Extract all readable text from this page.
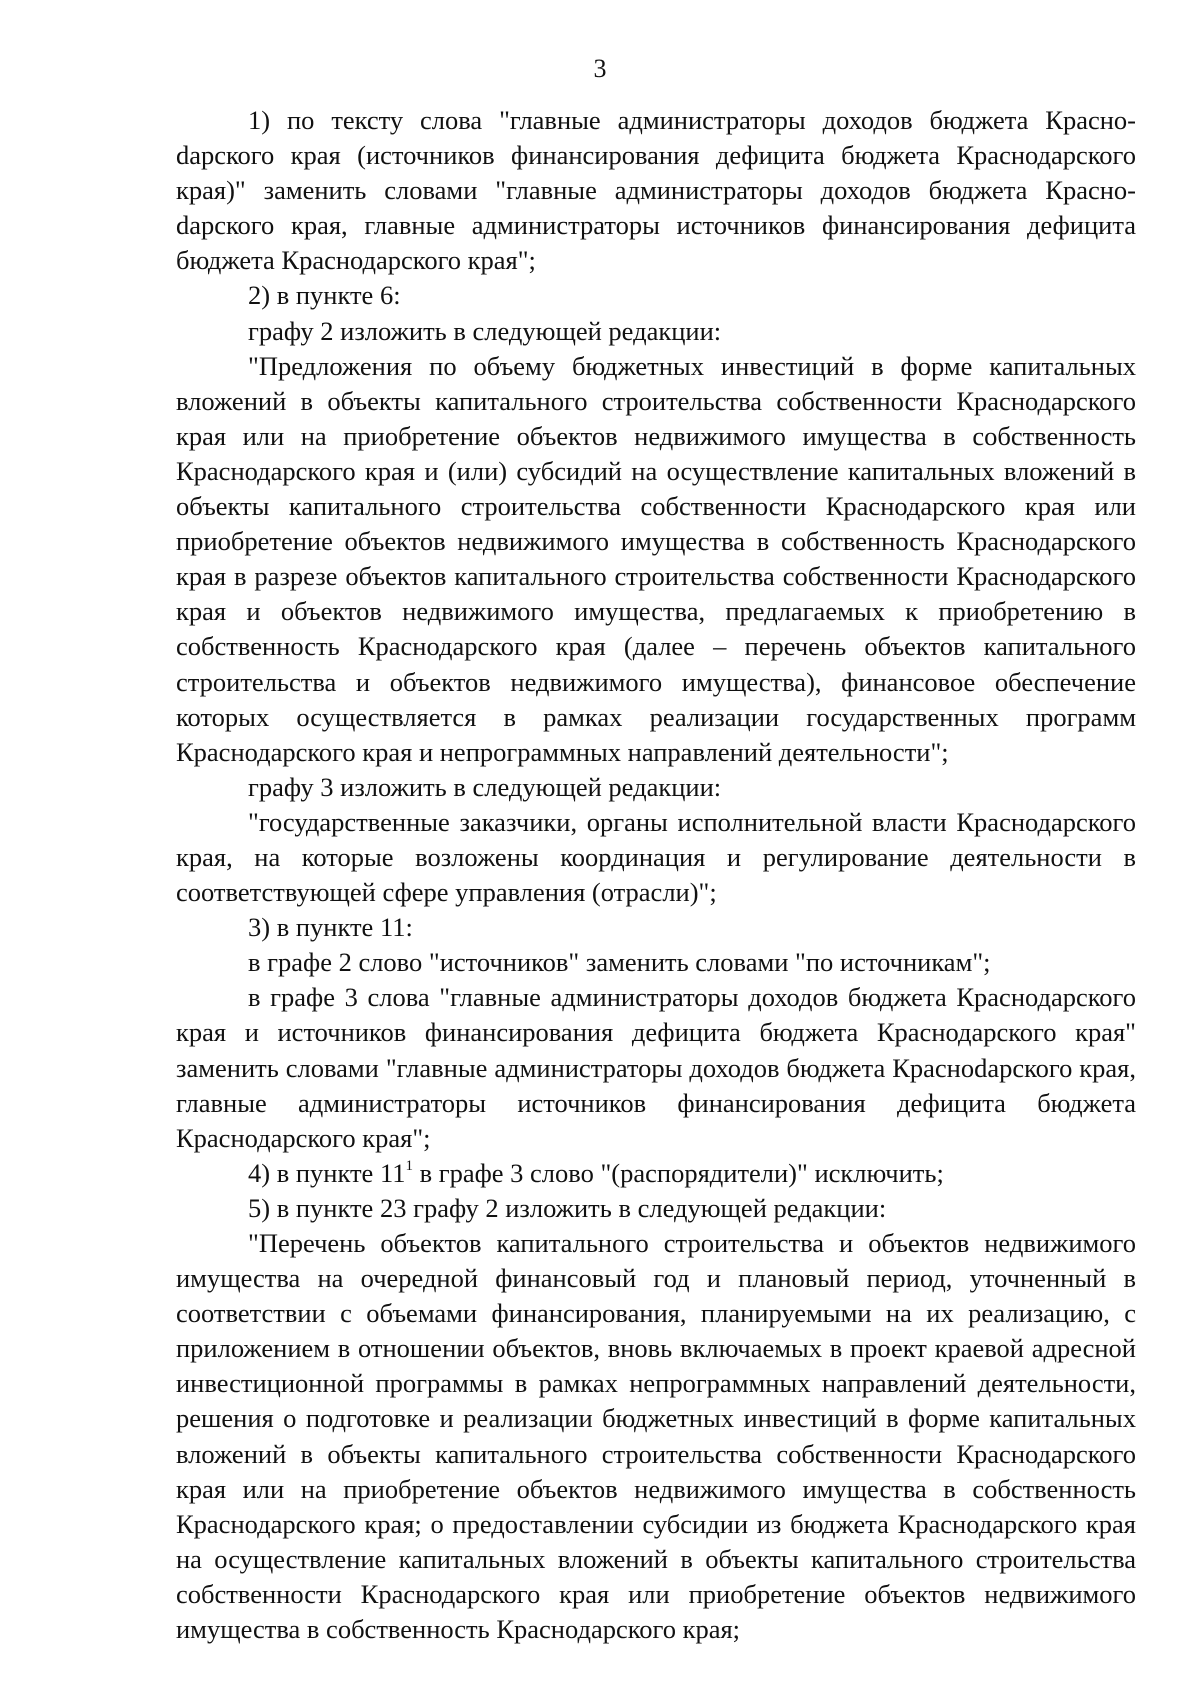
3

1) по тексту слова "главные администраторы доходов бюджета Красноdарского края (источников финансирования дефицита бюджета Краснодарского края)" заменить словами "главные администраторы доходов бюджета Красноdарского края, главные администраторы источников финансирования дефицита бюджета Краснодарского края";

2) в пункте 6:

графу 2 изложить в следующей редакции:

"Предложения по объему бюджетных инвестиций в форме капитальных вложений в объекты капитального строительства собственности Краснодарского края или на приобретение объектов недвижимого имущества в собственность Краснодарского края и (или) субсидий на осуществление капитальных вложений в объекты капитального строительства собственности Краснодарского края или приобретение объектов недвижимого имущества в собственность Краснодарского края в разрезе объектов капитального строительства собственности Краснодарского края и объектов недвижимого имущества, предлагаемых к приобретению в собственность Краснодарского края (далее – перечень объектов капитального строительства и объектов недвижимого имущества), финансовое обеспечение которых осуществляется в рамках реализации государственных программ Краснодарского края и непрограммных направлений деятельности";

графу 3 изложить в следующей редакции:

"государственные заказчики, органы исполнительной власти Краснодарского края, на которые возложены координация и регулирование деятельности в соответствующей сфере управления (отрасли)";

3) в пункте 11:

в графе 2 слово "источников" заменить словами "по источникам";

в графе 3 слова "главные администраторы доходов бюджета Краснодарского края и источников финансирования дефицита бюджета Краснодарского края" заменить словами "главные администраторы доходов бюджета Красноdарского края, главные администраторы источников финансирования дефицита бюджета Краснодарского края";

4) в пункте $11^1$ в графе 3 слово "(распорядители)" исключить;

5) в пункте 23 графу 2 изложить в следующей редакции:

"Перечень объектов капитального строительства и объектов недвижимого имущества на очередной финансовый год и плановый период, уточненный в соответствии с объемами финансирования, планируемыми на их реализацию, с приложением в отношении объектов, вновь включаемых в проект краевой адресной инвестиционной программы в рамках непрограммных направлений деятельности, решения о подготовке и реализации бюджетных инвестиций в форме капитальных вложений в объекты капитального строительства собственности Краснодарского края или на приобретение объектов недвижимого имущества в собственность Краснодарского края; о предоставлении субсидии из бюджета Краснодарского края на осуществление капитальных вложений в объекты капитального строительства собственности Краснодарского края или приобретение объектов недвижимого имущества в собственность Краснодарского края;
